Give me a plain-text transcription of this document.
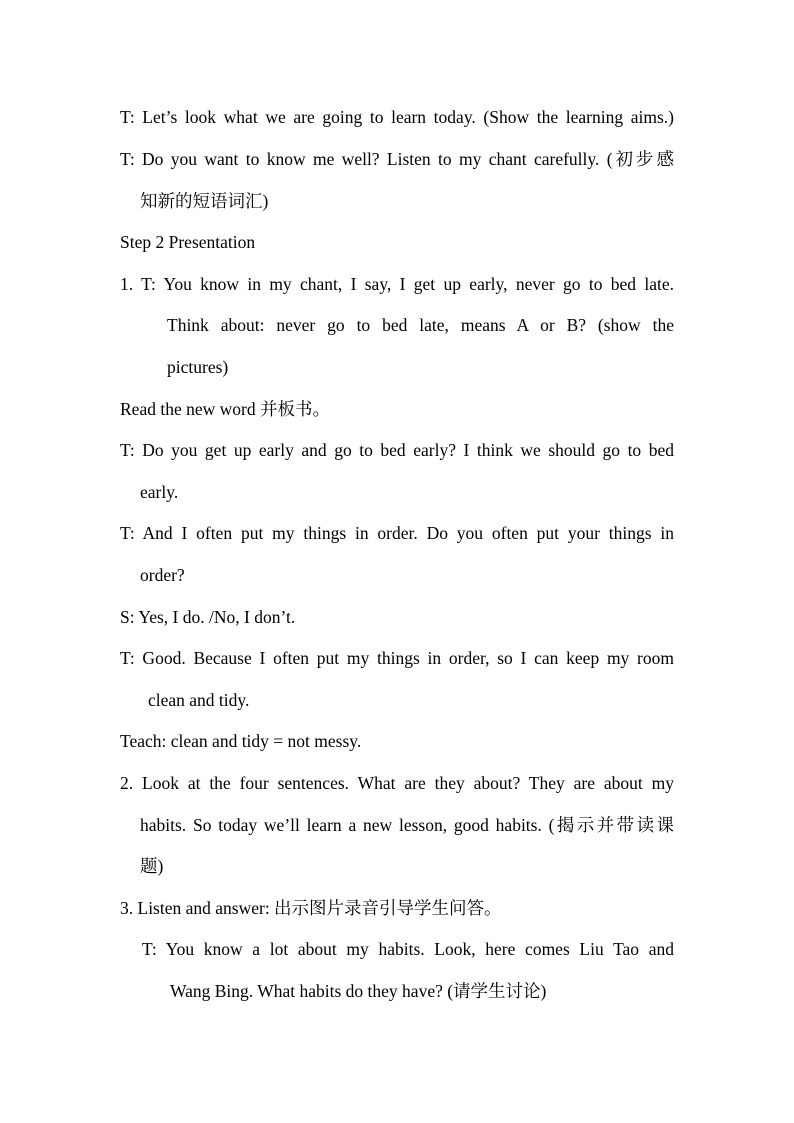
T: Let’s look what we are going to learn today. (Show the learning aims.)
T: Do you want to know me well? Listen to my chant carefully. (初步感
知新的短语词汇)
Step 2 Presentation
1. T: You know in my chant, I say, I get up early, never go to bed late.
Think about: never go to bed late, means A or B? (show the
pictures)
Read the new word 并板书。
T: Do you get up early and go to bed early? I think we should go to bed
early.
T: And I often put my things in order. Do you often put your things in
order?
S: Yes, I do. /No, I don’t.
T: Good. Because I often put my things in order, so I can keep my room
clean and tidy.
Teach: clean and tidy = not messy.
2. Look at the four sentences. What are they about? They are about my
habits. So today we’ll learn a new lesson, good habits. (揭示并带读课
题)
3. Listen and answer: 出示图片录音引导学生问答。
T: You know a lot about my habits. Look, here comes Liu Tao and
Wang Bing. What habits do they have? (请学生讨论)
